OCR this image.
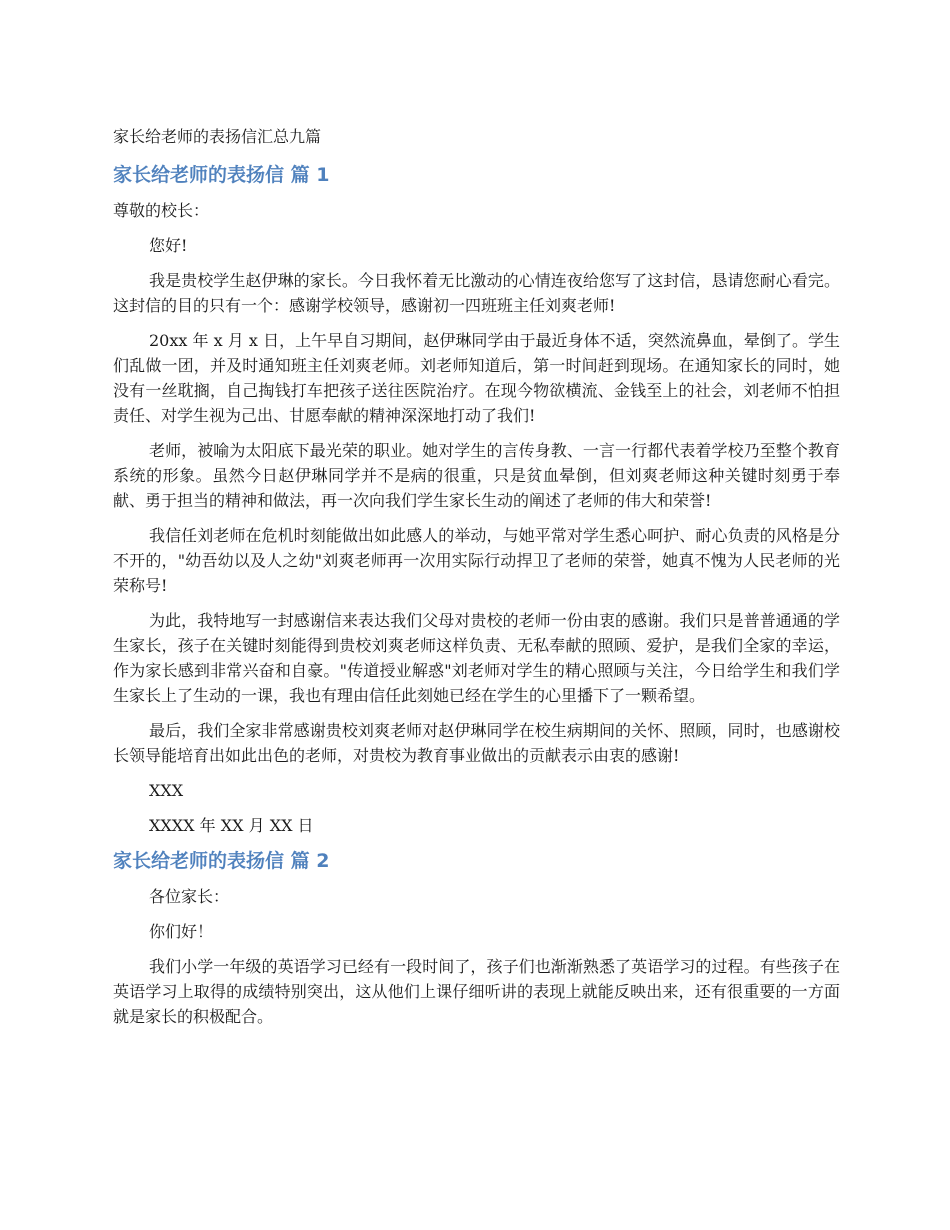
家长给老师的表扬信汇总九篇
家长给老师的表扬信 篇 1
尊敬的校长：
您好!
我是贵校学生赵伊琳的家长。今日我怀着无比激动的心情连夜给您写了这封信，恳请您耐心看完。这封信的目的只有一个：感谢学校领导，感谢初一四班班主任刘爽老师!
20xx 年 x 月 x 日，上午早自习期间，赵伊琳同学由于最近身体不适，突然流鼻血，晕倒了。学生们乱做一团，并及时通知班主任刘爽老师。刘老师知道后，第一时间赶到现场。在通知家长的同时，她没有一丝耽搁，自己掏钱打车把孩子送往医院治疗。在现今物欲横流、金钱至上的社会，刘老师不怕担责任、对学生视为己出、甘愿奉献的精神深深地打动了我们!
老师，被喻为太阳底下最光荣的职业。她对学生的言传身教、一言一行都代表着学校乃至整个教育系统的形象。虽然今日赵伊琳同学并不是病的很重，只是贫血晕倒，但刘爽老师这种关键时刻勇于奉献、勇于担当的精神和做法，再一次向我们学生家长生动的阐述了老师的伟大和荣誉!
我信任刘老师在危机时刻能做出如此感人的举动，与她平常对学生悉心呵护、耐心负责的风格是分不开的，"幼吾幼以及人之幼"刘爽老师再一次用实际行动捍卫了老师的荣誉，她真不愧为人民老师的光荣称号!
为此，我特地写一封感谢信来表达我们父母对贵校的老师一份由衷的感谢。我们只是普普通通的学生家长，孩子在关键时刻能得到贵校刘爽老师这样负责、无私奉献的照顾、爱护，是我们全家的幸运，作为家长感到非常兴奋和自豪。"传道授业解惑"刘老师对学生的精心照顾与关注，今日给学生和我们学生家长上了生动的一课，我也有理由信任此刻她已经在学生的心里播下了一颗希望。
最后，我们全家非常感谢贵校刘爽老师对赵伊琳同学在校生病期间的关怀、照顾，同时，也感谢校长领导能培育出如此出色的老师，对贵校为教育事业做出的贡献表示由衷的感谢!
XXX
XXXX 年 XX 月 XX 日
家长给老师的表扬信 篇 2
各位家长：
你们好！
我们小学一年级的英语学习已经有一段时间了，孩子们也渐渐熟悉了英语学习的过程。有些孩子在英语学习上取得的成绩特别突出，这从他们上课仔细听讲的表现上就能反映出来，还有很重要的一方面就是家长的积极配合。
